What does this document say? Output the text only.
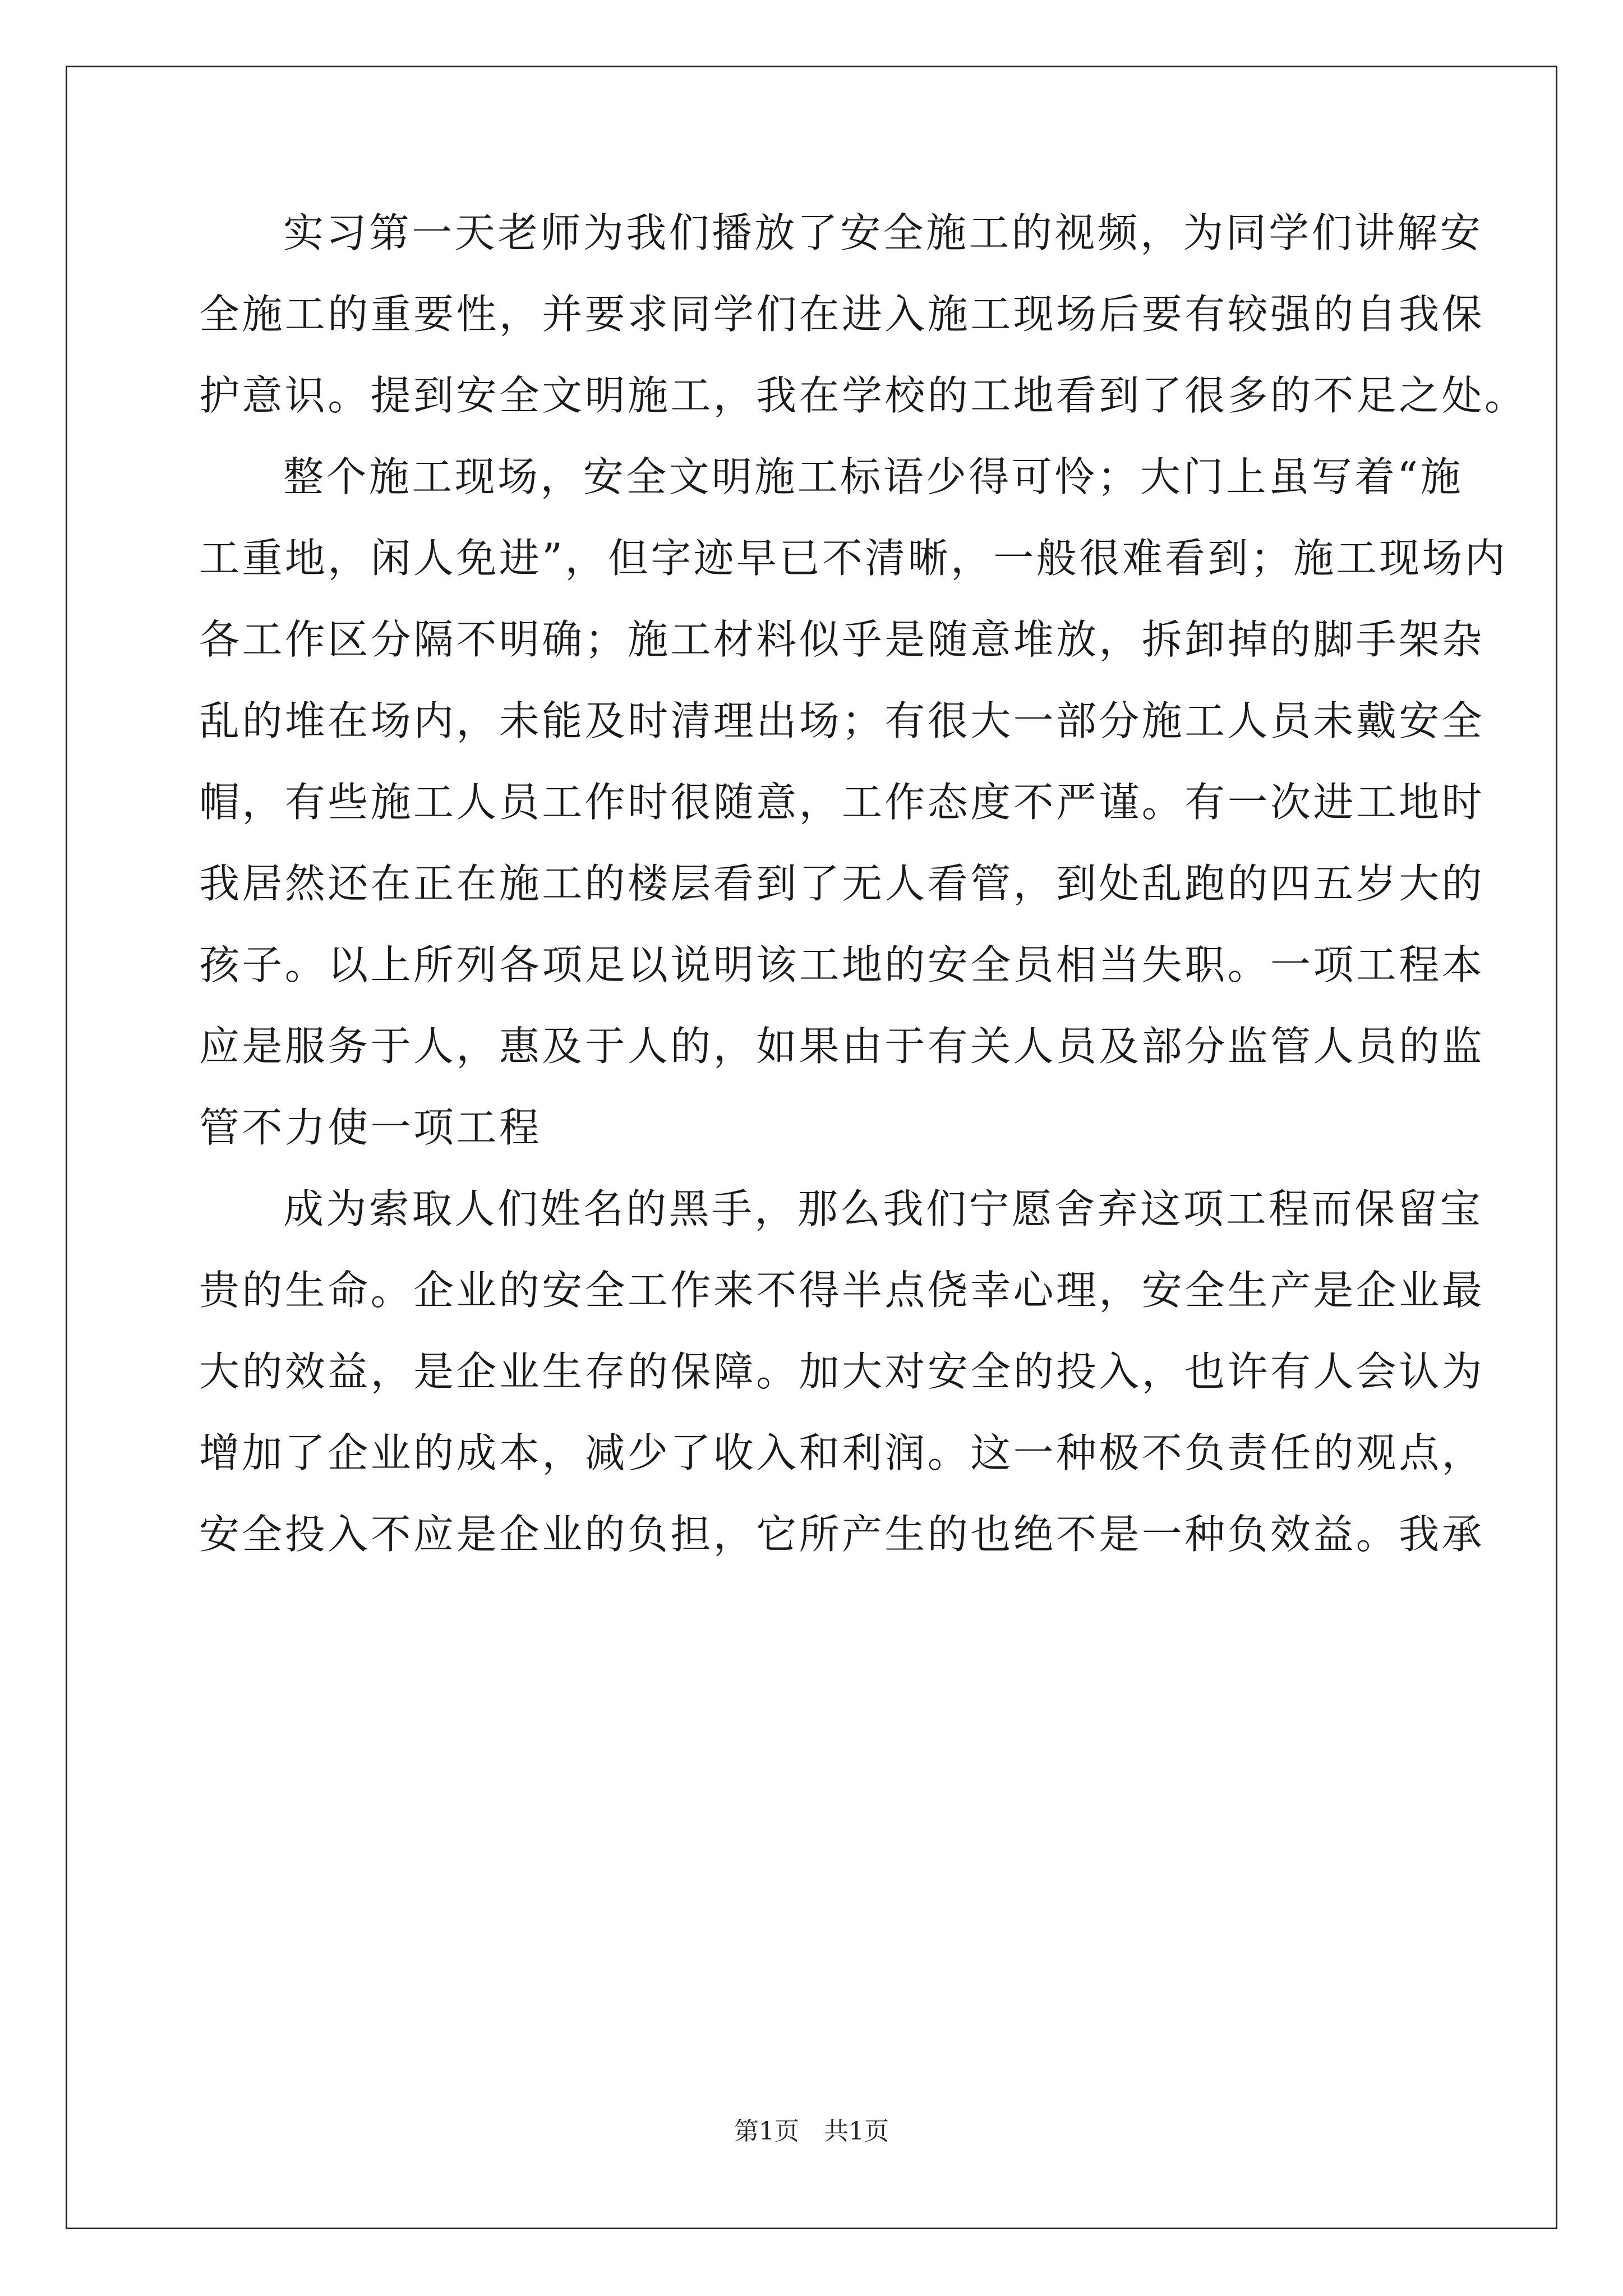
实习第一天老师为我们播放了安全施工的视频，为同学们讲解安
全施工的重要性，并要求同学们在进入施工现场后要有较强的自我保
护意识。提到安全文明施工，我在学校的工地看到了很多的不足之处。
整个施工现场，安全文明施工标语少得可怜；大门上虽写着“施
工重地，闲人免进”，但字迹早已不清晰，一般很难看到；施工现场内
各工作区分隔不明确；施工材料似乎是随意堆放，拆卸掉的脚手架杂
乱的堆在场内，未能及时清理出场；有很大一部分施工人员未戴安全
帽，有些施工人员工作时很随意，工作态度不严谨。有一次进工地时
我居然还在正在施工的楼层看到了无人看管，到处乱跑的四五岁大的
孩子。以上所列各项足以说明该工地的安全员相当失职。一项工程本
应是服务于人，惠及于人的，如果由于有关人员及部分监管人员的监
管不力使一项工程
成为索取人们姓名的黑手，那么我们宁愿舍弃这项工程而保留宝
贵的生命。企业的安全工作来不得半点侥幸心理，安全生产是企业最
大的效益，是企业生存的保障。加大对安全的投入，也许有人会认为
增加了企业的成本，减少了收入和利润。这一种极不负责任的观点，
安全投入不应是企业的负担，它所产生的也绝不是一种负效益。我承
第1页　共1页
